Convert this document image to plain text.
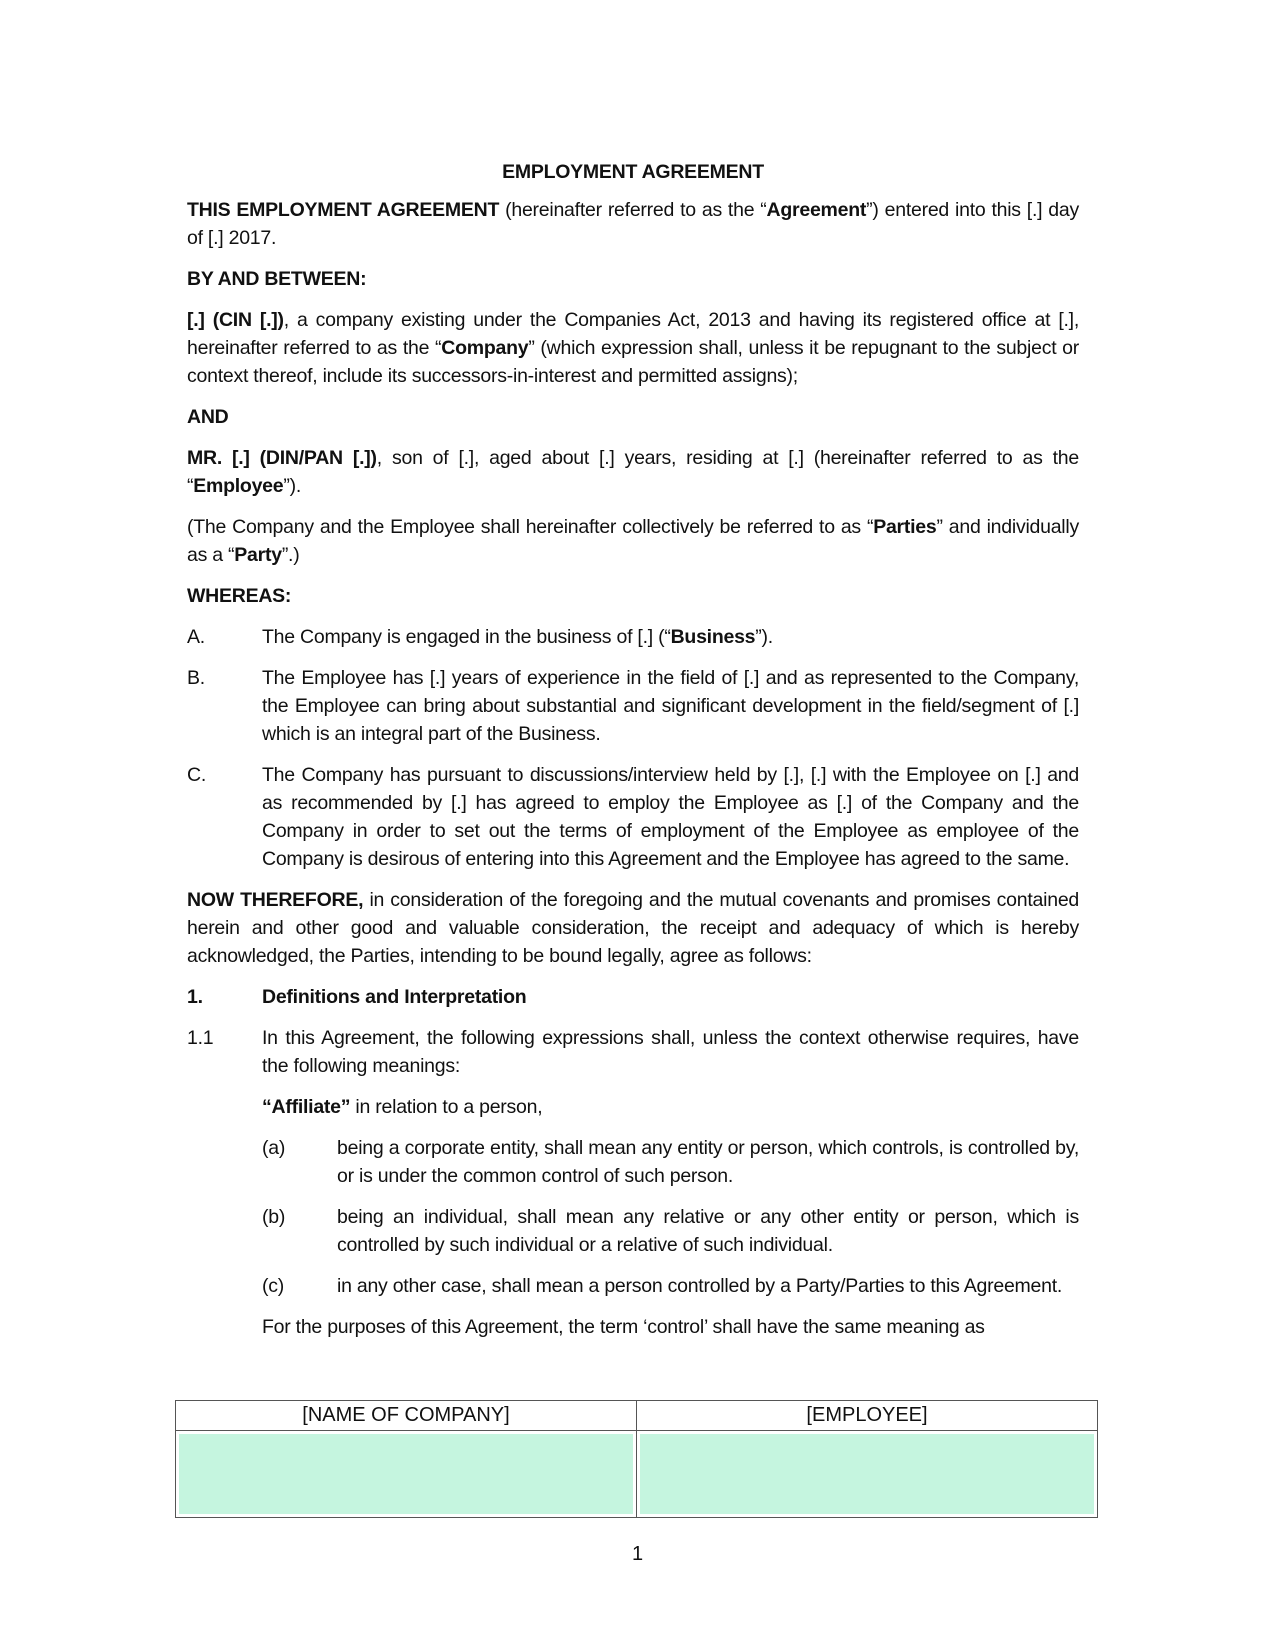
EMPLOYMENT AGREEMENT

THIS EMPLOYMENT AGREEMENT (hereinafter referred to as the “Agreement”) entered into this [.] day of [.] 2017.

BY AND BETWEEN:

[.] (CIN [.]), a company existing under the Companies Act, 2013 and having its registered office at [.], hereinafter referred to as the “Company” (which expression shall, unless it be repugnant to the subject or context thereof, include its successors-in-interest and permitted assigns);

AND

MR. [.] (DIN/PAN [.]), son of [.], aged about [.] years, residing at [.] (hereinafter referred to as the “Employee”).

(The Company and the Employee shall hereinafter collectively be referred to as “Parties” and individually as a “Party”.)

WHEREAS:

A.	The Company is engaged in the business of [.] (“Business”).
B.	The Employee has [.] years of experience in the field of [.] and as represented to the Company, the Employee can bring about substantial and significant development in the field/segment of [.] which is an integral part of the Business.
C.	The Company has pursuant to discussions/interview held by [.], [.] with the Employee on [.] and as recommended by [.] has agreed to employ the Employee as [.] of the Company and the Company in order to set out the terms of employment of the Employee as employee of the Company is desirous of entering into this Agreement and the Employee has agreed to the same.

NOW THEREFORE, in consideration of the foregoing and the mutual covenants and promises contained herein and other good and valuable consideration, the receipt and adequacy of which is hereby acknowledged, the Parties, intending to be bound legally, agree as follows:

1.	Definitions and Interpretation
1.1	In this Agreement, the following expressions shall, unless the context otherwise requires, have the following meanings:

“Affiliate” in relation to a person,

(a)	being a corporate entity, shall mean any entity or person, which controls, is controlled by, or is under the common control of such person.
(b)	being an individual, shall mean any relative or any other entity or person, which is controlled by such individual or a relative of such individual.
(c)	in any other case, shall mean a person controlled by a Party/Parties to this Agreement.

For the purposes of this Agreement, the term ‘control’ shall have the same meaning as

[NAME OF COMPANY]	[EMPLOYEE]

1
